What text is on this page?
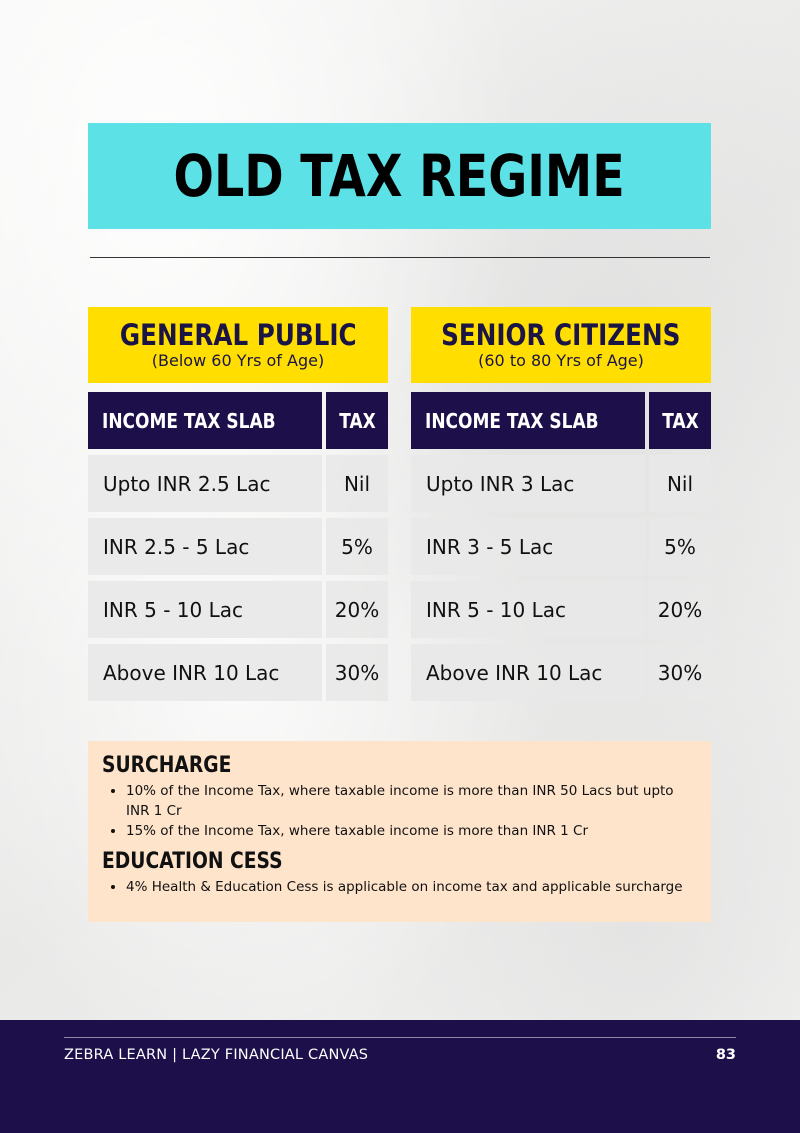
OLD TAX REGIME
GENERAL PUBLIC
(Below 60 Yrs of Age)
INCOME TAX SLAB	TAX
Upto INR 2.5 Lac	Nil
INR 2.5 - 5 Lac	5%
INR 5 - 10 Lac	20%
Above INR 10 Lac	30%
SENIOR CITIZENS
(60 to 80 Yrs of Age)
INCOME TAX SLAB	TAX
Upto INR 3 Lac	Nil
INR 3 - 5 Lac	5%
INR 5 - 10 Lac	20%
Above INR 10 Lac	30%
SURCHARGE
• 10% of the Income Tax, where taxable income is more than INR 50 Lacs but upto INR 1 Cr
• 15% of the Income Tax, where taxable income is more than INR 1 Cr
EDUCATION CESS
• 4% Health & Education Cess is applicable on income tax and applicable surcharge
ZEBRA LEARN | LAZY FINANCIAL CANVAS	83
